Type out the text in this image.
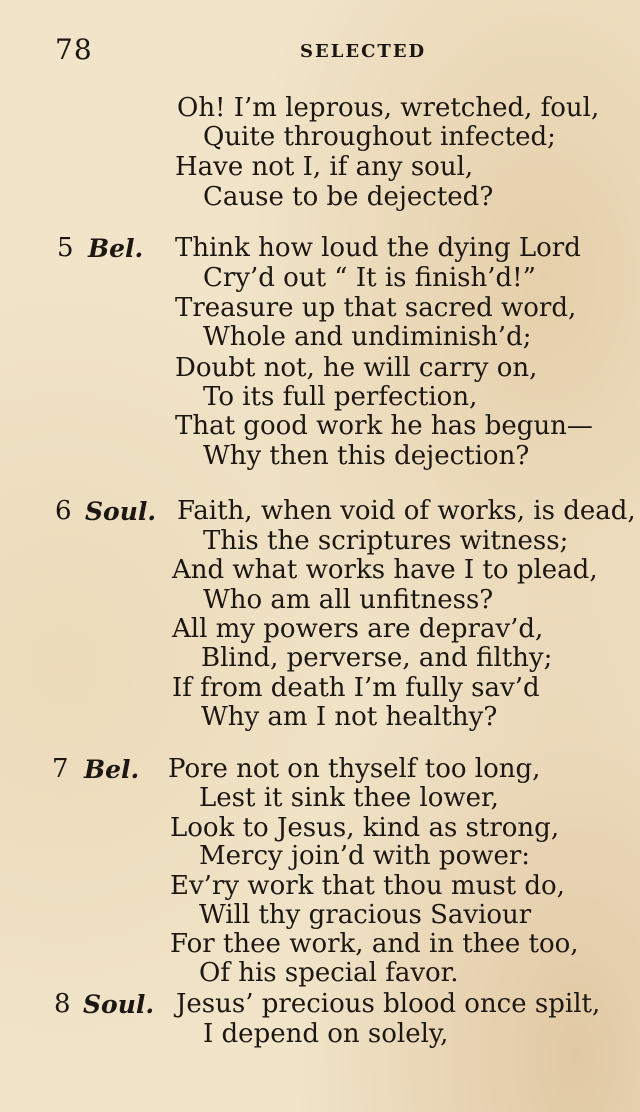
78	SELECTED
Oh! I’m leprous, wretched, foul,
Quite throughout infected;
Have not I, if any soul,
Cause to be dejected?
5 Bel. Think how loud the dying Lord
Cry’d out “ It is finish’d!”
Treasure up that sacred word,
Whole and undiminish’d;
Doubt not, he will carry on,
To its full perfection,
That good work he has begun—
Why then this dejection?
6 Soul. Faith, when void of works, is dead,
This the scriptures witness;
And what works have I to plead,
Who am all unfitness?
All my powers are deprav’d,
Blind, perverse, and filthy;
If from death I’m fully sav’d
Why am I not healthy?
7 Bel. Pore not on thyself too long,
Lest it sink thee lower,
Look to Jesus, kind as strong,
Mercy join’d with power:
Ev’ry work that thou must do,
Will thy gracious Saviour
For thee work, and in thee too,
Of his special favor.
8 Soul. Jesus’ precious blood once spilt,
I depend on solely,
